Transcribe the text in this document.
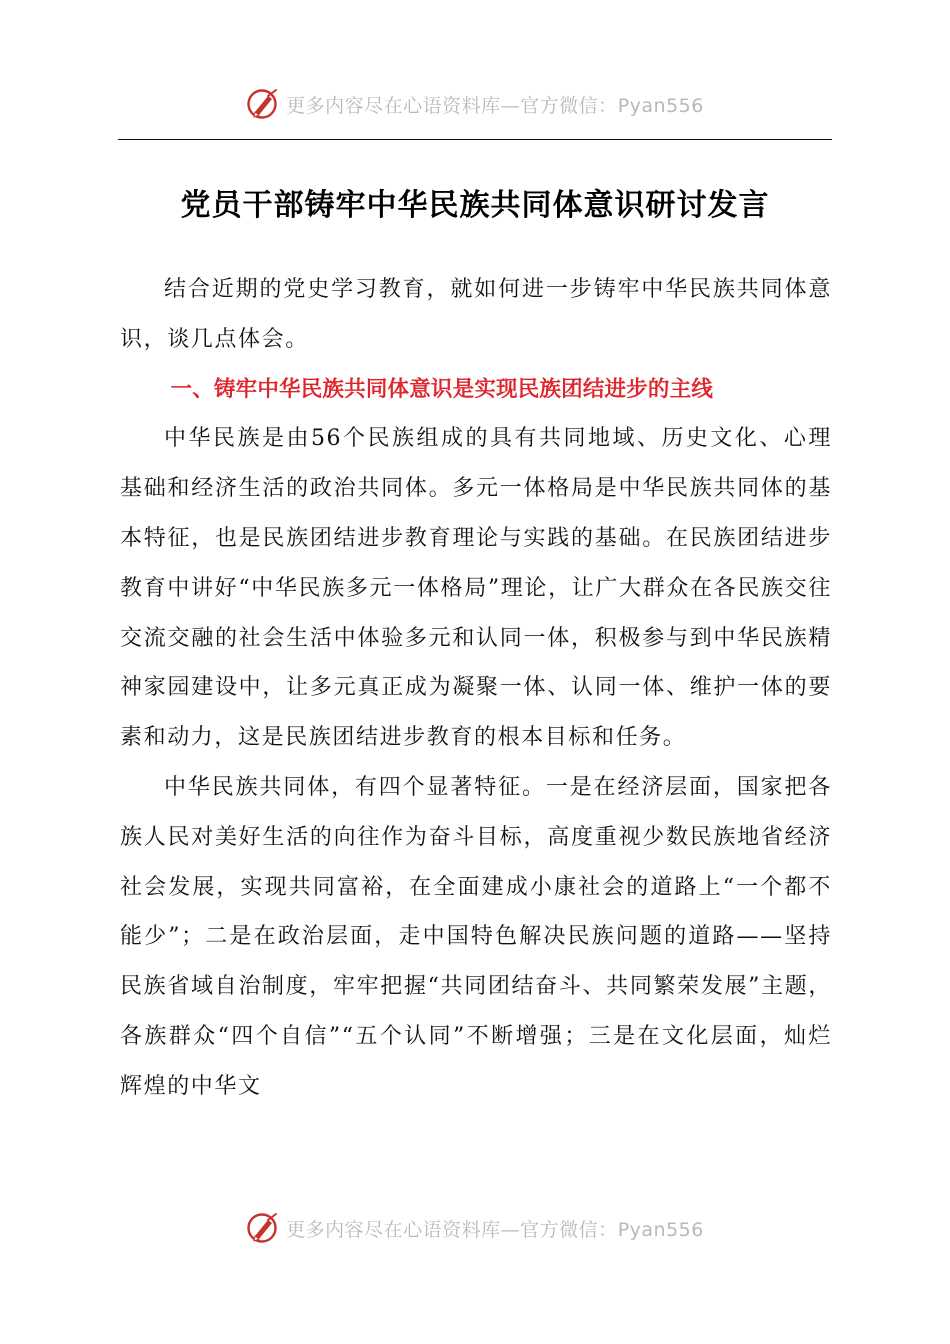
更多内容尽在心语资料库—官方微信：Pyan556
党员干部铸牢中华民族共同体意识研讨发言

结合近期的党史学习教育，就如何进一步铸牢中华民族共同体意识，谈几点体会。

一、铸牢中华民族共同体意识是实现民族团结进步的主线

中华民族是由56个民族组成的具有共同地域、历史文化、心理基础和经济生活的政治共同体。多元一体格局是中华民族共同体的基本特征，也是民族团结进步教育理论与实践的基础。在民族团结进步教育中讲好“中华民族多元一体格局”理论，让广大群众在各民族交往交流交融的社会生活中体验多元和认同一体，积极参与到中华民族精神家园建设中，让多元真正成为凝聚一体、认同一体、维护一体的要素和动力，这是民族团结进步教育的根本目标和任务。

中华民族共同体，有四个显著特征。一是在经济层面，国家把各族人民对美好生活的向往作为奋斗目标，高度重视少数民族地省经济社会发展，实现共同富裕，在全面建成小康社会的道路上“一个都不能少”；二是在政治层面，走中国特色解决民族问题的道路——坚持民族省域自治制度，牢牢把握“共同团结奋斗、共同繁荣发展”主题，各族群众“四个自信”“五个认同”不断增强；三是在文化层面，灿烂辉煌的中华文

更多内容尽在心语资料库—官方微信：Pyan556
